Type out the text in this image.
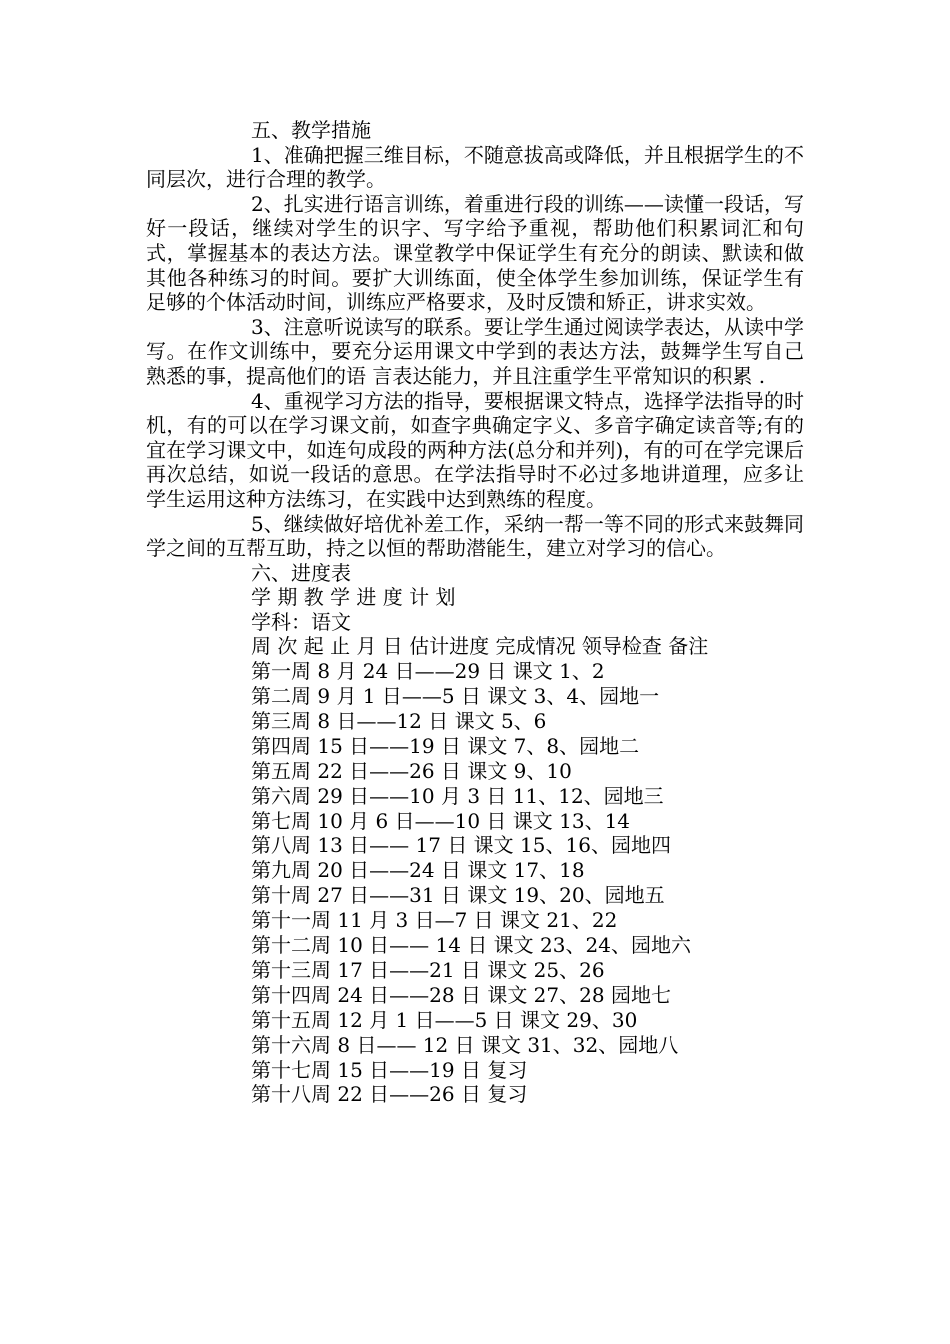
五、教学措施

1、准确把握三维目标，不随意拔高或降低，并且根据学生的不同层次，进行合理的教学。

2、扎实进行语言训练，着重进行段的训练——读懂一段话，写好一段话，继续对学生的识字、写字给予重视，帮助他们积累词汇和句式，掌握基本的表达方法。课堂教学中保证学生有充分的朗读、默读和做其他各种练习的时间。要扩大训练面，使全体学生参加训练，保证学生有足够的个体活动时间，训练应严格要求，及时反馈和矫正，讲求实效。

3、注意听说读写的联系。要让学生通过阅读学表达，从读中学写。在作文训练中，要充分运用课文中学到的表达方法，鼓舞学生写自己熟悉的事，提高他们的语 言表达能力，并且注重学生平常知识的积累 .

4、重视学习方法的指导，要根据课文特点，选择学法指导的时机，有的可以在学习课文前，如查字典确定字义、多音字确定读音等;有的宜在学习课文中，如连句成段的两种方法(总分和并列)，有的可在学完课后再次总结，如说一段话的意思。在学法指导时不必过多地讲道理，应多让学生运用这种方法练习，在实践中达到熟练的程度。

5、继续做好培优补差工作，采纳一帮一等不同的形式来鼓舞同学之间的互帮互助，持之以恒的帮助潜能生，建立对学习的信心。

六、进度表

学 期 教 学 进 度 计 划

学科：语文

周 次 起 止 月 日 估计进度 完成情况 领导检查 备注

第一周 8 月 24 日——29 日 课文 1、2
第二周 9 月 1 日——5 日 课文 3、4、园地一
第三周 8 日——12 日 课文 5、6
第四周 15 日——19 日 课文 7、8、园地二
第五周 22 日——26 日 课文 9、10
第六周 29 日——10 月 3 日 11、12、园地三
第七周 10 月 6 日——10 日 课文 13、14
第八周 13 日—— 17 日 课文 15、16、园地四
第九周 20 日——24 日 课文 17、18
第十周 27 日——31 日 课文 19、20、园地五
第十一周 11 月 3 日—7 日 课文 21、22
第十二周 10 日—— 14 日 课文 23、24、园地六
第十三周 17 日——21 日 课文 25、26
第十四周 24 日——28 日 课文 27、28 园地七
第十五周 12 月 1 日——5 日 课文 29、30
第十六周 8 日—— 12 日 课文 31、32、园地八
第十七周 15 日——19 日 复习
第十八周 22 日——26 日 复习
